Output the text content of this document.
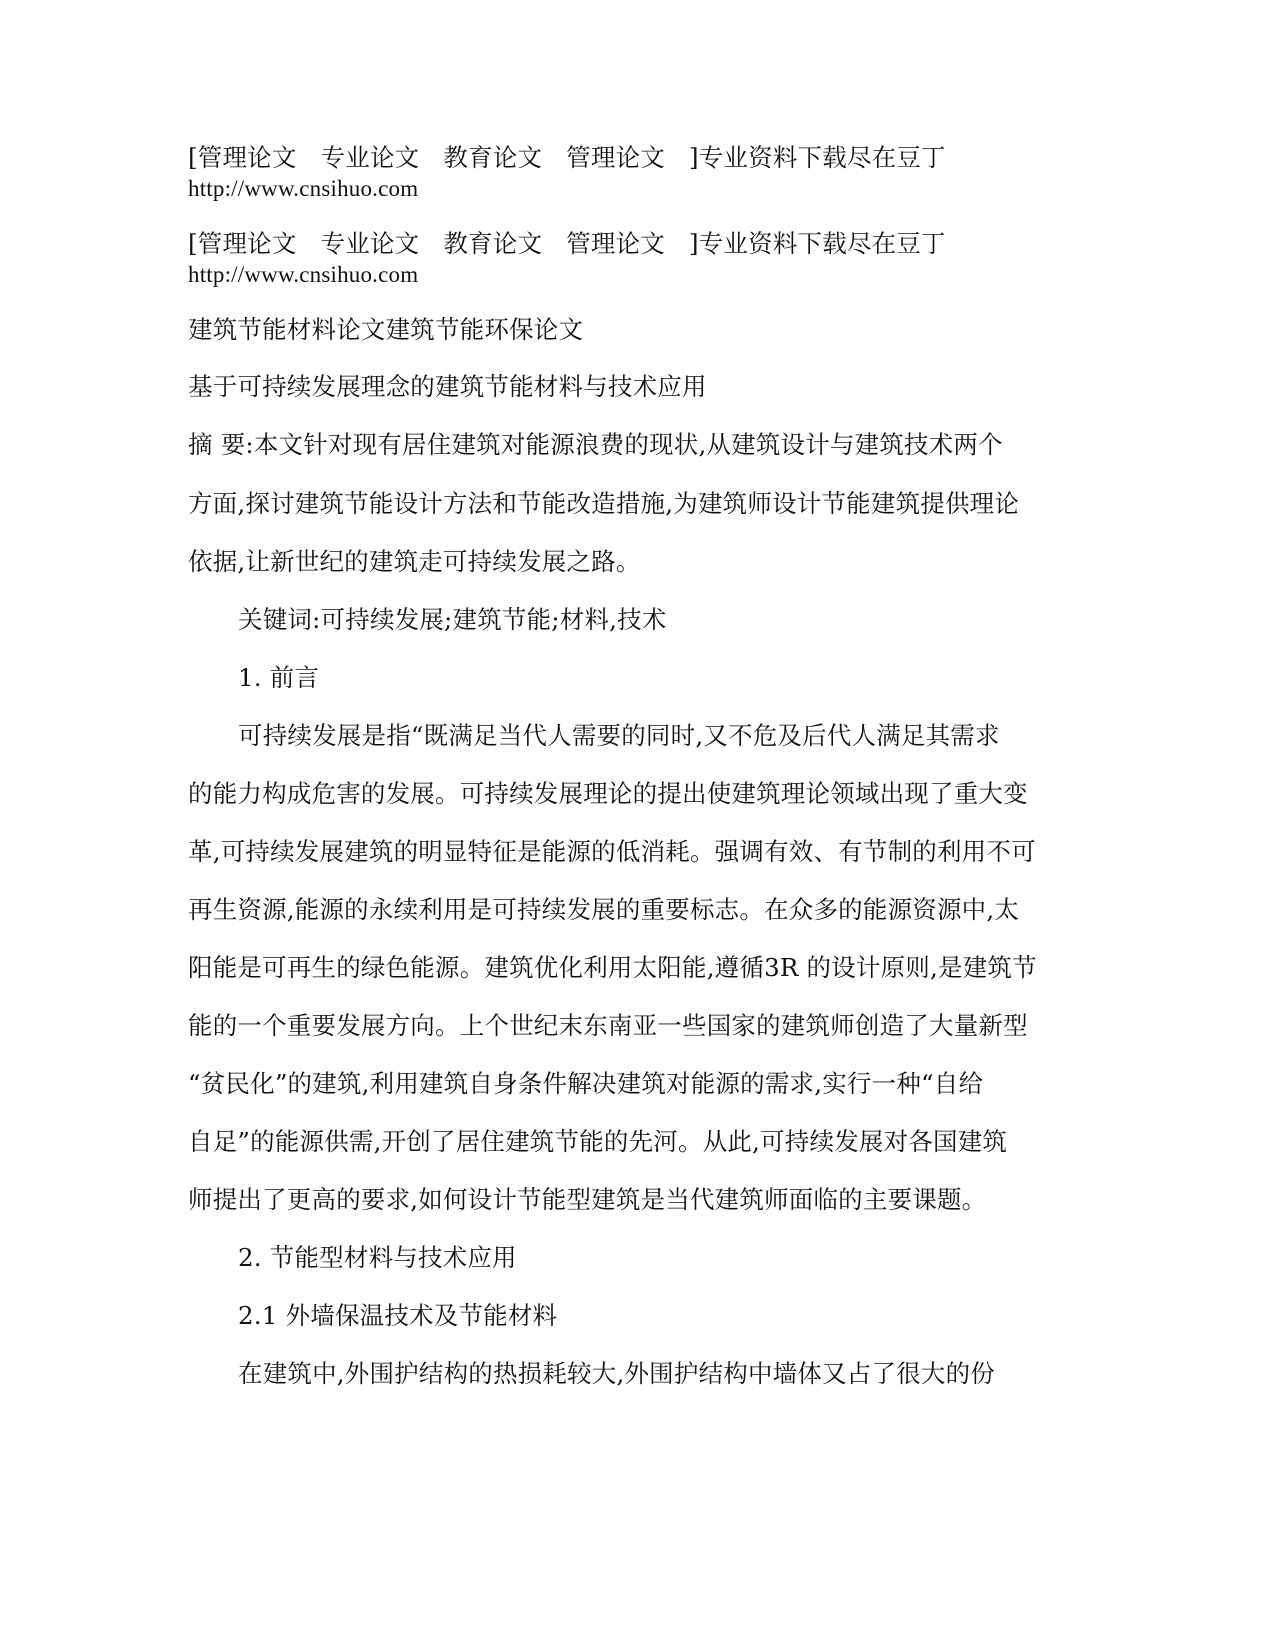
[管理论文 专业论文 教育论文 管理论文 ]专业资料下载尽在豆丁
http://www.cnsihuo.com
[管理论文 专业论文 教育论文 管理论文 ]专业资料下载尽在豆丁
http://www.cnsihuo.com
建筑节能材料论文建筑节能环保论文
基于可持续发展理念的建筑节能材料与技术应用
摘 要:本文针对现有居住建筑对能源浪费的现状,从建筑设计与建筑技术两个
方面,探讨建筑节能设计方法和节能改造措施,为建筑师设计节能建筑提供理论
依据,让新世纪的建筑走可持续发展之路。
关键词:可持续发展;建筑节能;材料,技术
1. 前言
可持续发展是指“既满足当代人需要的同时,又不危及后代人满足其需求
的能力构成危害的发展。可持续发展理论的提出使建筑理论领域出现了重大变
革,可持续发展建筑的明显特征是能源的低消耗。强调有效、有节制的利用不可
再生资源,能源的永续利用是可持续发展的重要标志。在众多的能源资源中,太
阳能是可再生的绿色能源。建筑优化利用太阳能,遵循3R 的设计原则,是建筑节
能的一个重要发展方向。上个世纪末东南亚一些国家的建筑师创造了大量新型
“贫民化”的建筑,利用建筑自身条件解决建筑对能源的需求,实行一种“自给
自足”的能源供需,开创了居住建筑节能的先河。从此,可持续发展对各国建筑
师提出了更高的要求,如何设计节能型建筑是当代建筑师面临的主要课题。
2. 节能型材料与技术应用
2.1 外墙保温技术及节能材料
在建筑中,外围护结构的热损耗较大,外围护结构中墙体又占了很大的份
